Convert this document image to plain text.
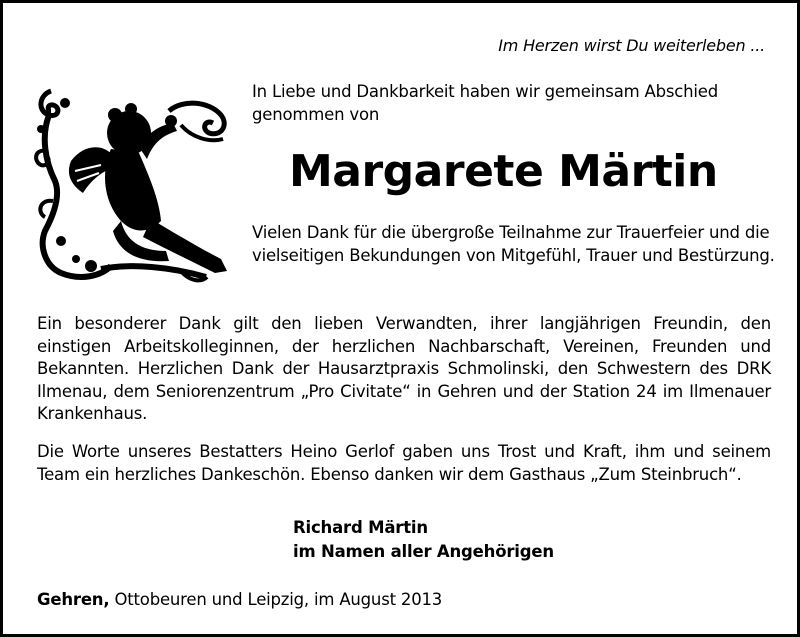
Im Herzen wirst Du weiterleben ...
In Liebe und Dankbarkeit haben wir gemeinsam Abschied genommen von
Margarete Märtin
Vielen Dank für die übergroße Teilnahme zur Trauerfeier und die vielseitigen Bekundungen von Mitgefühl, Trauer und Bestürzung.
Ein besonderer Dank gilt den lieben Verwandten, ihrer langjährigen Freundin, den einstigen Arbeitskolleginnen, der herzlichen Nachbarschaft, Vereinen, Freunden und Bekannten. Herzlichen Dank der Hausarztpraxis Schmolinski, den Schwestern des DRK Ilmenau, dem Seniorenzentrum „Pro Civitate“ in Gehren und der Station 24 im Ilmenauer Krankenhaus.
Die Worte unseres Bestatters Heino Gerlof gaben uns Trost und Kraft, ihm und seinem Team ein herzliches Dankeschön. Ebenso danken wir dem Gasthaus „Zum Steinbruch“.
Richard Märtin
im Namen aller Angehörigen
Gehren, Ottobeuren und Leipzig, im August 2013
